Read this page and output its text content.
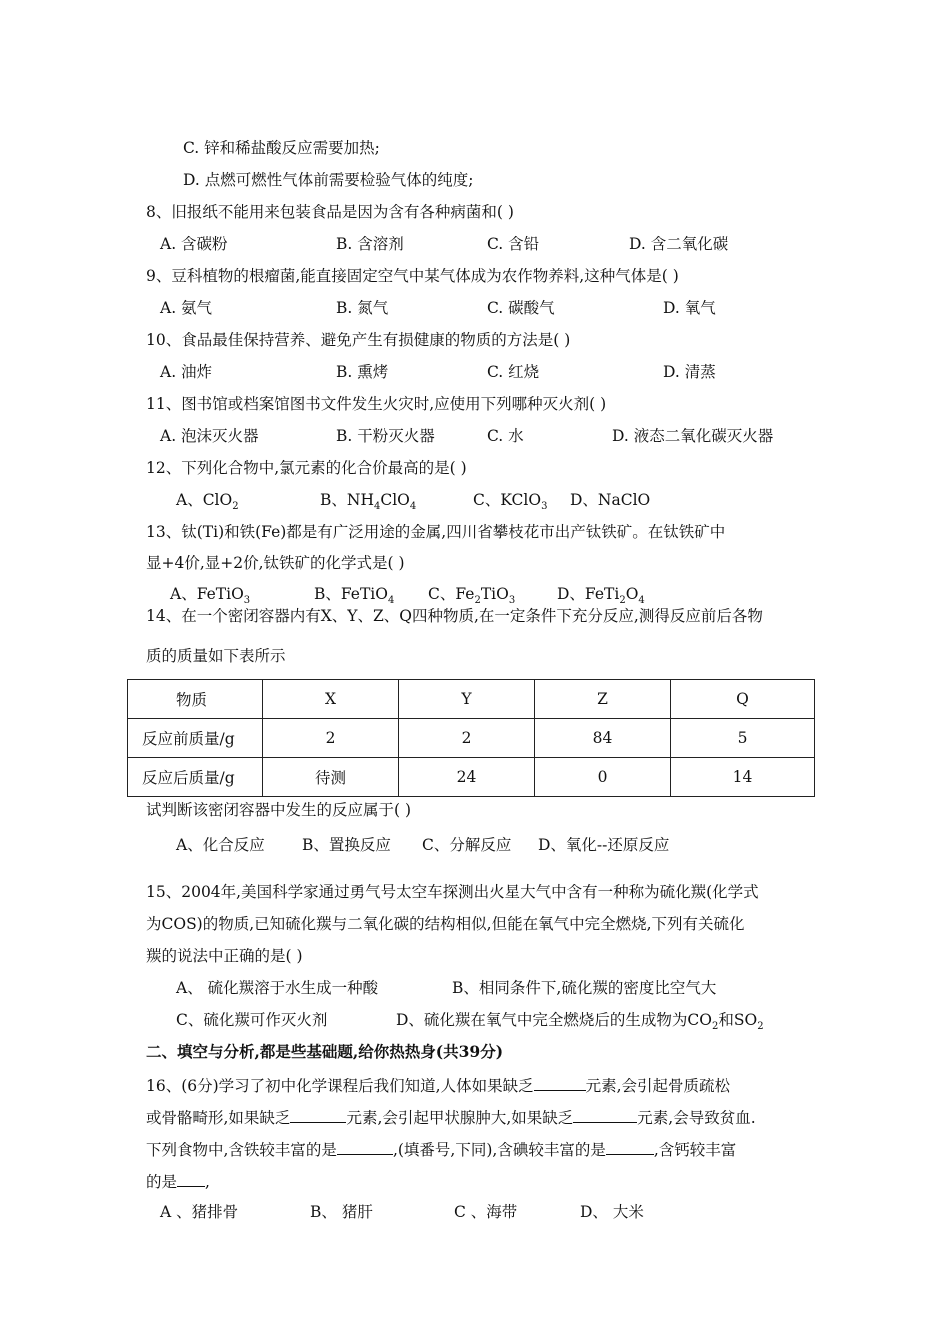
C. 锌和稀盐酸反应需要加热;
D. 点燃可燃性气体前需要检验气体的纯度;
8、旧报纸不能用来包装食品是因为含有各种病菌和( )
A. 含碳粉	B. 含溶剂	C. 含铅	D. 含二氧化碳
9、豆科植物的根瘤菌,能直接固定空气中某气体成为农作物养料,这种气体是( )
A. 氨气	B. 氮气	C. 碳酸气	D. 氧气
10、食品最佳保持营养、避免产生有损健康的物质的方法是( )
A. 油炸	B. 熏烤	C. 红烧	D. 清蒸
11、图书馆或档案馆图书文件发生火灾时,应使用下列哪种灭火剂( )
A. 泡沫灭火器	B. 干粉灭火器	C. 水	D. 液态二氧化碳灭火器
12、下列化合物中,氯元素的化合价最高的是( )
A、ClO$_2$	B、$NH_4ClO_4$	C、KClO$_3$ D、NaClO
13、钛(Ti)和铁(Fe)都是有广泛用途的金属,四川省攀枝花市出产钛铁矿。在钛铁矿中
显+4价,显+2价,钛铁矿的化学式是( )
A、FeTiO$_3$	B、FeTiO$_4$ C、$Fe_2TiO_3$	D、$FeTi_2O_4$
14、在一个密闭容器内有X、Y、Z、Q四种物质,在一定条件下充分反应,测得反应前后各物
质的质量如下表所示
物质	X	Y	Z	Q
反应前质量/g	2	2	84	5
反应后质量/g	待测	24	0	14
试判断该密闭容器中发生的反应属于( )
A、化合反应 B、置换反应 C、分解反应 D、氧化--还原反应
15、2004年,美国科学家通过勇气号太空车探测出火星大气中含有一种称为硫化羰(化学式
为COS)的物质,已知硫化羰与二氧化碳的结构相似,但能在氧气中完全燃烧,下列有关硫化
羰的说法中正确的是( )
A、 硫化羰溶于水生成一种酸	B、相同条件下,硫化羰的密度比空气大
C、硫化羰可作灭火剂	D、硫化羰在氧气中完全燃烧后的生成物为$CO_2$和$SO_2$
二、填空与分析,都是些基础题,给你热热身(共39分)
16、(6分)学习了初中化学课程后我们知道,人体如果缺乏	元素,会引起骨质疏松
或骨骼畸形,如果缺乏	元素,会引起甲状腺肿大,如果缺乏	元素,会导致贫血.
下列食物中,含铁较丰富的是	,(填番号,下同),含碘较丰富的是	,含钙较丰富
的是 ,
A 、猪排骨	B、 猪肝	C 、海带	D、 大米
